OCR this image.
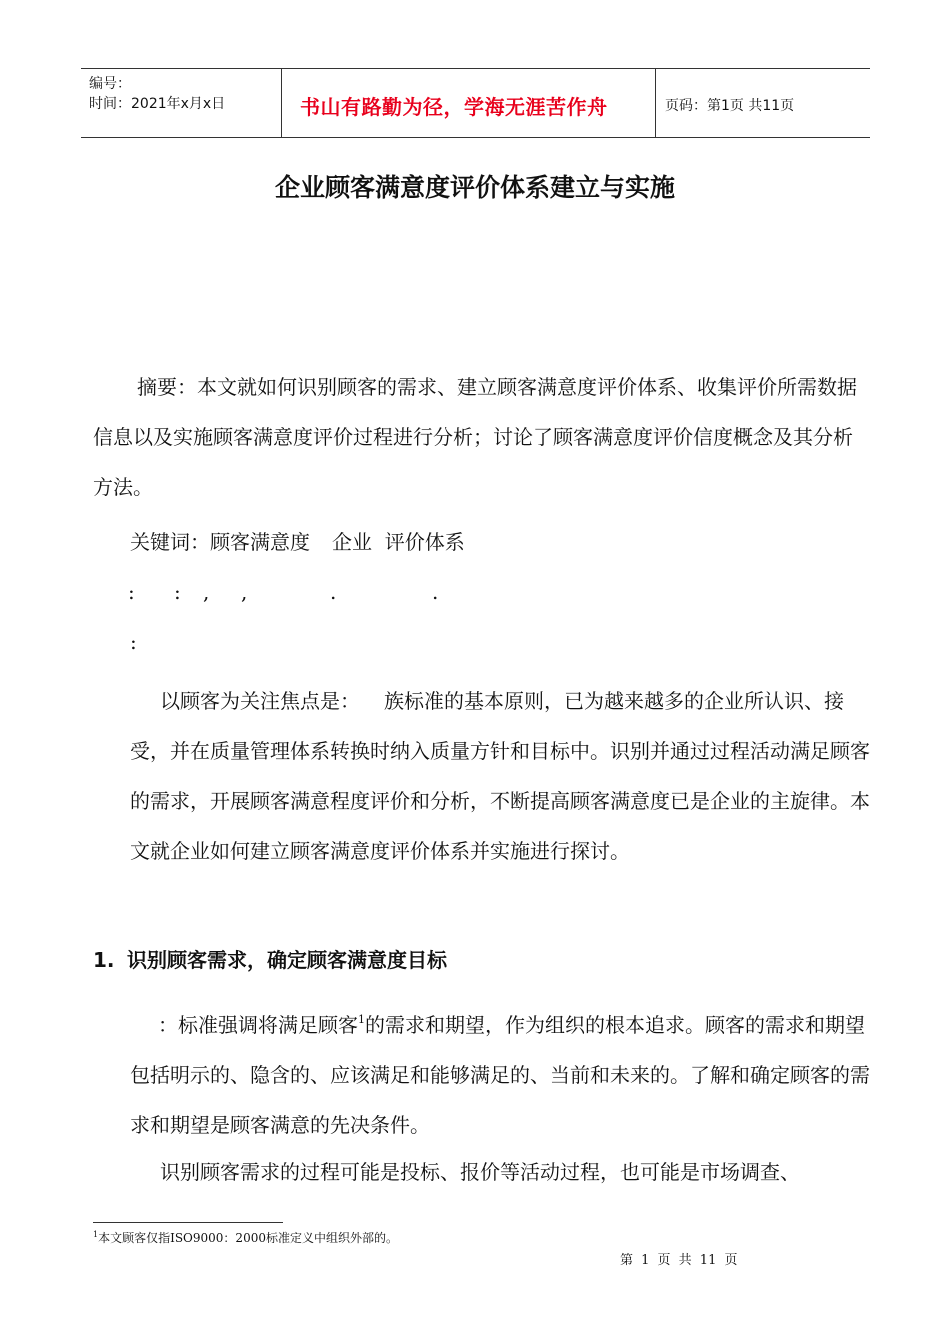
编号：
时间：2021年x月x日	书山有路勤为径，学海无涯苦作舟	页码：第1页 共11页
企业顾客满意度评价体系建立与实施
摘要：本文就如何识别顾客的需求、建立顾客满意度评价体系、收集评价所需数据信息以及实施顾客满意度评价过程进行分析；讨论了顾客满意度评价信度概念及其分析方法。
关键词：顾客满意度 企业 评价体系
: : , ,	.	.
:
以顾客为关注焦点是： 族标准的基本原则，已为越来越多的企业所认识、接受，并在质量管理体系转换时纳入质量方针和目标中。识别并通过过程活动满足顾客的需求，开展顾客满意程度评价和分析，不断提高顾客满意度已是企业的主旋律。本文就企业如何建立顾客满意度评价体系并实施进行探讨。
1. 识别顾客需求，确定顾客满意度目标
：标准强调将满足顾客$^1$的需求和期望，作为组织的根本追求。顾客的需求和期望包括明示的、隐含的、应该满足和能够满足的、当前和未来的。了解和确定顾客的需求和期望是顾客满意的先决条件。
识别顾客需求的过程可能是投标、报价等活动过程，也可能是市场调查、
$^1$本文顾客仅指ISO9000：2000标准定义中组织外部的。
第 1 页 共 11 页
